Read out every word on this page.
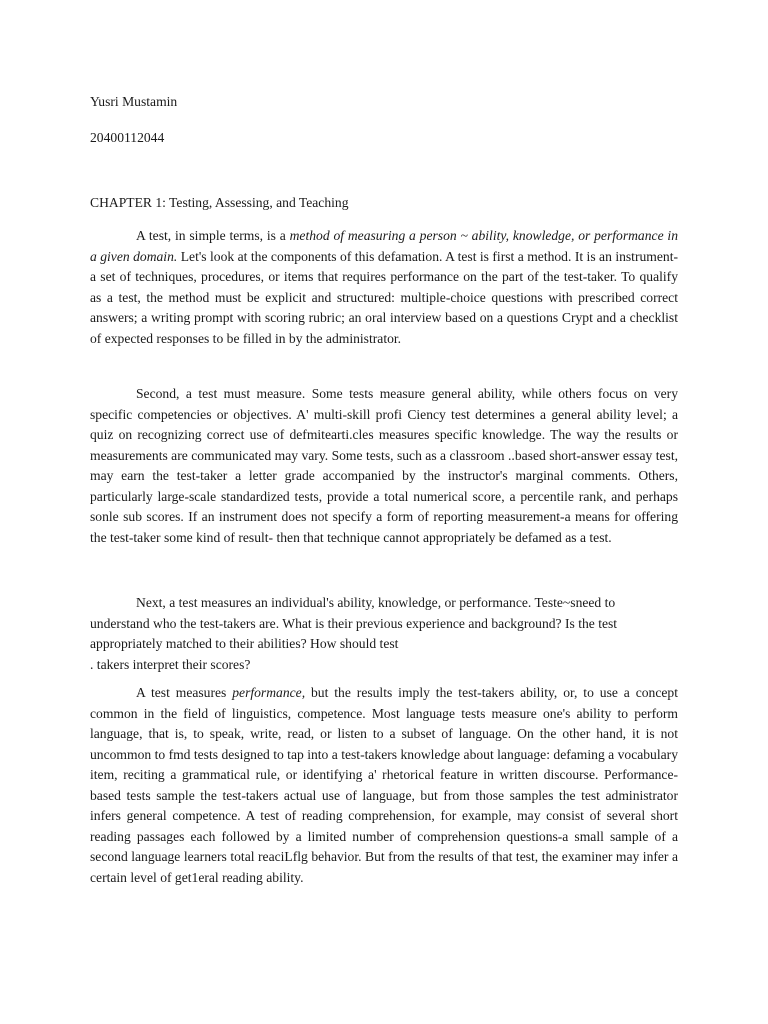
Yusri Mustamin

20400112044

CHAPTER 1: Testing, Assessing, and Teaching

A test, in simple terms, is a method of measuring a person ~ ability, knowledge, or performance in a given domain. Let's look at the components of this defamation. A test is first a method. It is an instrument-a set of techniques, procedures, or items that requires performance on the part of the test-taker. To qualify as a test, the method must be explicit and structured: multiple-choice questions with prescribed correct answers; a writing prompt with scoring rubric; an oral interview based on a questions Crypt and a checklist of expected responses to be filled in by the administrator.

Second, a test must measure. Some tests measure general ability, while others focus on very specific competencies or objectives. A' multi-skill profi Ciency test determines a general ability level; a quiz on recognizing correct use of defmitearti.cles measures specific knowledge. The way the results or measurements are communicated may vary. Some tests, such as a classroom ..based short-answer essay test, may earn the test-taker a letter grade accompanied by the instructor's marginal comments. Others, particularly large-scale standardized tests, provide a total numerical score, a percentile rank, and perhaps sonle sub scores. If an instrument does not specify a form of reporting measurement-a means for offering the test-taker some kind of result- then that technique cannot appropriately be defamed as a test.

Next, a test measures an individual's ability, knowledge, or performance. Teste~sneed to
understand who the test-takers are. What is their previous experience and background? Is the test
appropriately matched to their abilities? How should test
. takers interpret their scores?

A test measures performance, but the results imply the test-takers ability, or, to use a concept common in the field of linguistics, competence. Most language tests measure one's ability to perform language, that is, to speak, write, read, or listen to a subset of language. On the other hand, it is not uncommon to fmd tests designed to tap into a test-takers knowledge about language: defaming a vocabulary item, reciting a grammatical rule, or identifying a' rhetorical feature in written discourse. Performance-based tests sample the test-takers actual use of language, but from those samples the test administrator infers general competence. A test of reading comprehension, for example, may consist of several short reading passages each followed by a limited number of comprehension questions-a small sample of a second language learners total reaciLflg behavior. But from the results of that test, the examiner may infer a certain level of get1eral reading ability.
